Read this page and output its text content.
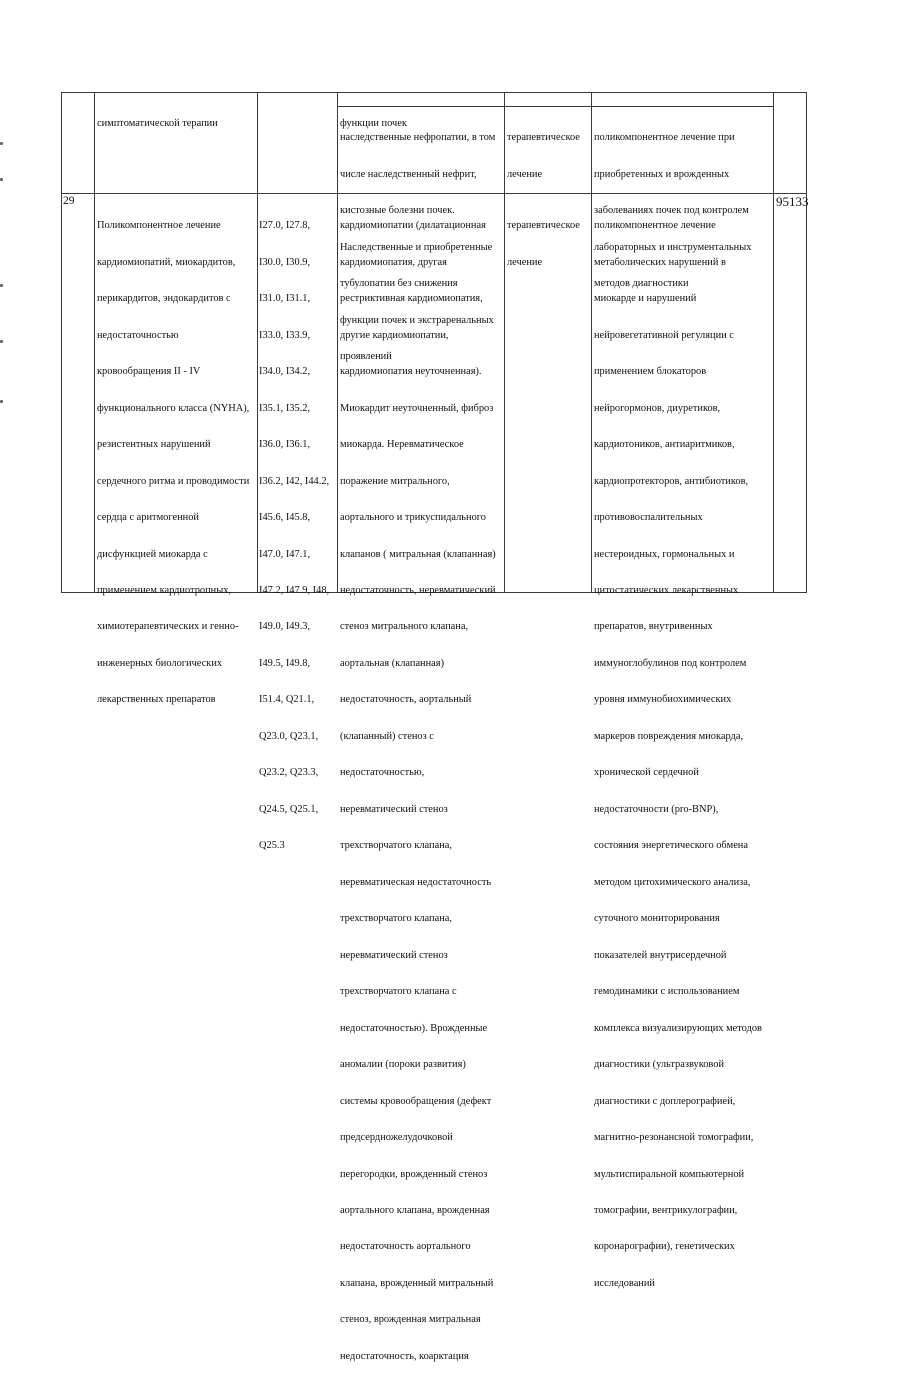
симптоматической терапии

	функции почек

наследственные нефропатии, в том

числе наследственный нефрит,

кистозные болезни почек.

Наследственные и приобретенные

тубулопатии без снижения

функции почек и экстраренальных

проявлений

терапевтическое

лечение

поликомпонентное лечение при

приобретенных и врожденных

заболеваниях почек под контролем

лабораторных и инструментальных

методов диагностики

29

Поликомпонентное лечение

кардиомиопатий, миокардитов,

перикардитов, эндокардитов с

недостаточностью

кровообращения II - IV

функционального класса (NYHA),

резистентных нарушений

сердечного ритма и проводимости

сердца с аритмогенной

дисфункцией миокарда с

применением кардиотропных,

химиотерапевтических и генно-

инженерных биологических

лекарственных препаратов

I27.0, I27.8,

I30.0, I30.9,

I31.0, I31.1,

I33.0, I33.9,

I34.0, I34.2,

I35.1, I35.2,

I36.0, I36.1,

I36.2, I42, I44.2,

I45.6, I45.8,

I47.0, I47.1,

I47.2, I47.9, I48,

I49.0, I49.3,

I49.5, I49.8,

I51.4, Q21.1,

Q23.0, Q23.1,

Q23.2, Q23.3,

Q24.5, Q25.1,

Q25.3

кардиомиопатии (дилатационная

кардиомиопатия, другая

рестриктивная кардиомиопатия,

другие кардиомиопатии,

кардиомиопатия неуточненная).

Миокардит неуточненный, фиброз

миокарда. Неревматическое

поражение митрального,

аортального и трикуспидального

клапанов ( митральная (клапанная)

недостаточность, неревматический

стеноз митрального клапана,

аортальная (клапанная)

недостаточность, аортальный

(клапанный) стеноз с

недостаточностью,

неревматический стеноз

трехстворчатого клапана,

неревматическая недостаточность

трехстворчатого клапана,

неревматический стеноз

трехстворчатого клапана с

недостаточностью). Врожденные

аномалии (пороки развития)

системы кровообращения (дефект

предсердножелудочковой

перегородки, врожденный стеноз

аортального клапана, врожденная

недостаточность аортального

клапана, врожденный митральный

стеноз, врожденная митральная

недостаточность, коарктация

терапевтическое

лечение

поликомпонентное лечение

метаболических нарушений в

миокарде и нарушений

нейровегетативной регуляции с

применением блокаторов

нейрогормонов, диуретиков,

кардиотоников, антиаритмиков,

кардиопротекторов, антибиотиков,

противовоспалительных

нестероидных, гормональных и

цитостатических лекарственных

препаратов, внутривенных

иммуноглобулинов под контролем

уровня иммунобиохимических

маркеров повреждения миокарда,

хронической сердечной

недостаточности (pro-BNP),

состояния энергетического обмена

методом цитохимического анализа,

суточного мониторирования

показателей внутрисердечной

гемодинамики с использованием

комплекса визуализирующих методов

диагностики (ультразвуковой

диагностики с доплерографией,

магнитно-резонансной томографии,

мультиспиральной компьютерной

томографии, вентрикулографии,

коронарографии), генетических

исследований

95133
